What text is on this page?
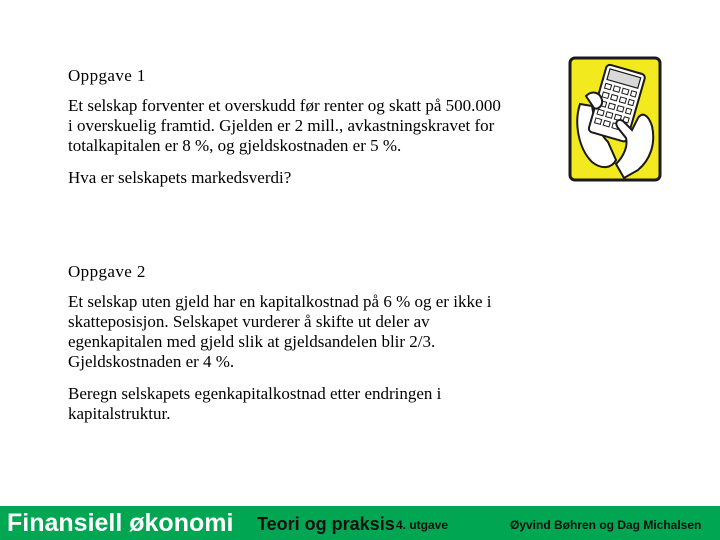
Oppgave 1

Et selskap forventer et overskudd før renter og skatt på 500.000 i overskuelig framtid. Gjelden er 2 mill., avkastningskravet for totalkapitalen er 8 %, og gjeldskostnaden er 5 %.

Hva er selskapets markedsverdi?

Oppgave 2

Et selskap uten gjeld har en kapitalkostnad på 6 % og er ikke i skatteposisjon. Selskapet vurderer å skifte ut deler av egenkapitalen med gjeld slik at gjeldsandelen blir 2/3. Gjeldskostnaden er 4 %.

Beregn selskapets egenkapitalkostnad etter endringen i kapitalstruktur.

Finansiell økonomi Teori og praksis 4. utgave	Øyvind Bøhren og Dag Michalsen
